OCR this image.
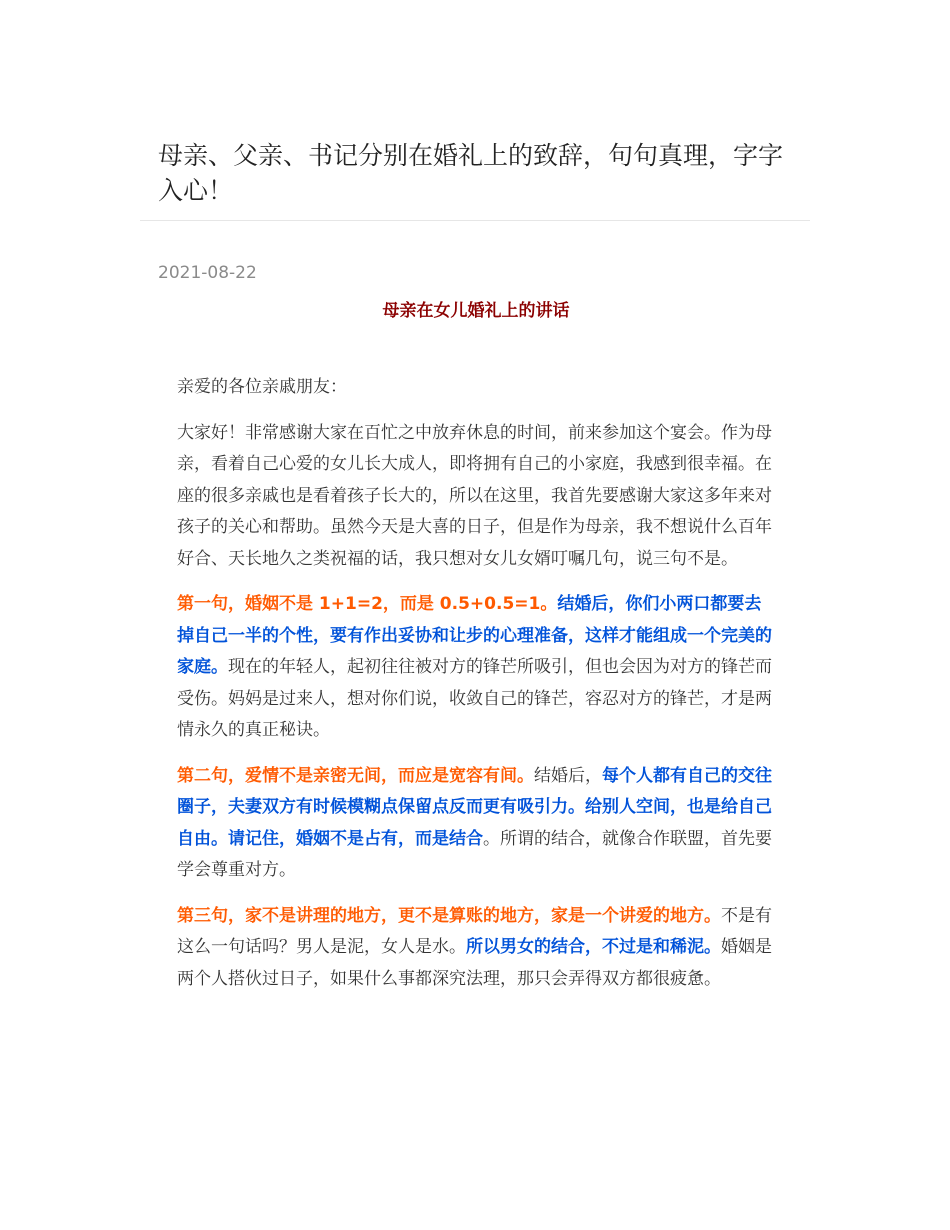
母亲、父亲、书记分别在婚礼上的致辞，句句真理，字字入心！
2021-08-22
母亲在女儿婚礼上的讲话

亲爱的各位亲戚朋友：

大家好！非常感谢大家在百忙之中放弃休息的时间，前来参加这个宴会。作为母亲，看着自己心爱的女儿长大成人，即将拥有自己的小家庭，我感到很幸福。在座的很多亲戚也是看着孩子长大的，所以在这里，我首先要感谢大家这多年来对孩子的关心和帮助。虽然今天是大喜的日子，但是作为母亲，我不想说什么百年好合、天长地久之类祝福的话，我只想对女儿女婿叮嘱几句，说三句不是。

第一句，婚姻不是 1+1=2，而是 0.5+0.5=1。结婚后，你们小两口都要去掉自己一半的个性，要有作出妥协和让步的心理准备，这样才能组成一个完美的家庭。现在的年轻人，起初往往被对方的锋芒所吸引，但也会因为对方的锋芒而受伤。妈妈是过来人，想对你们说，收敛自己的锋芒，容忍对方的锋芒，才是两情永久的真正秘诀。

第二句，爱情不是亲密无间，而应是宽容有间。结婚后，每个人都有自己的交往圈子，夫妻双方有时候模糊点保留点反而更有吸引力。给别人空间，也是给自己自由。请记住，婚姻不是占有，而是结合。所谓的结合，就像合作联盟，首先要学会尊重对方。

第三句，家不是讲理的地方，更不是算账的地方，家是一个讲爱的地方。不是有这么一句话吗？男人是泥，女人是水。所以男女的结合，不过是和稀泥。婚姻是两个人搭伙过日子，如果什么事都深究法理，那只会弄得双方都很疲惫。
